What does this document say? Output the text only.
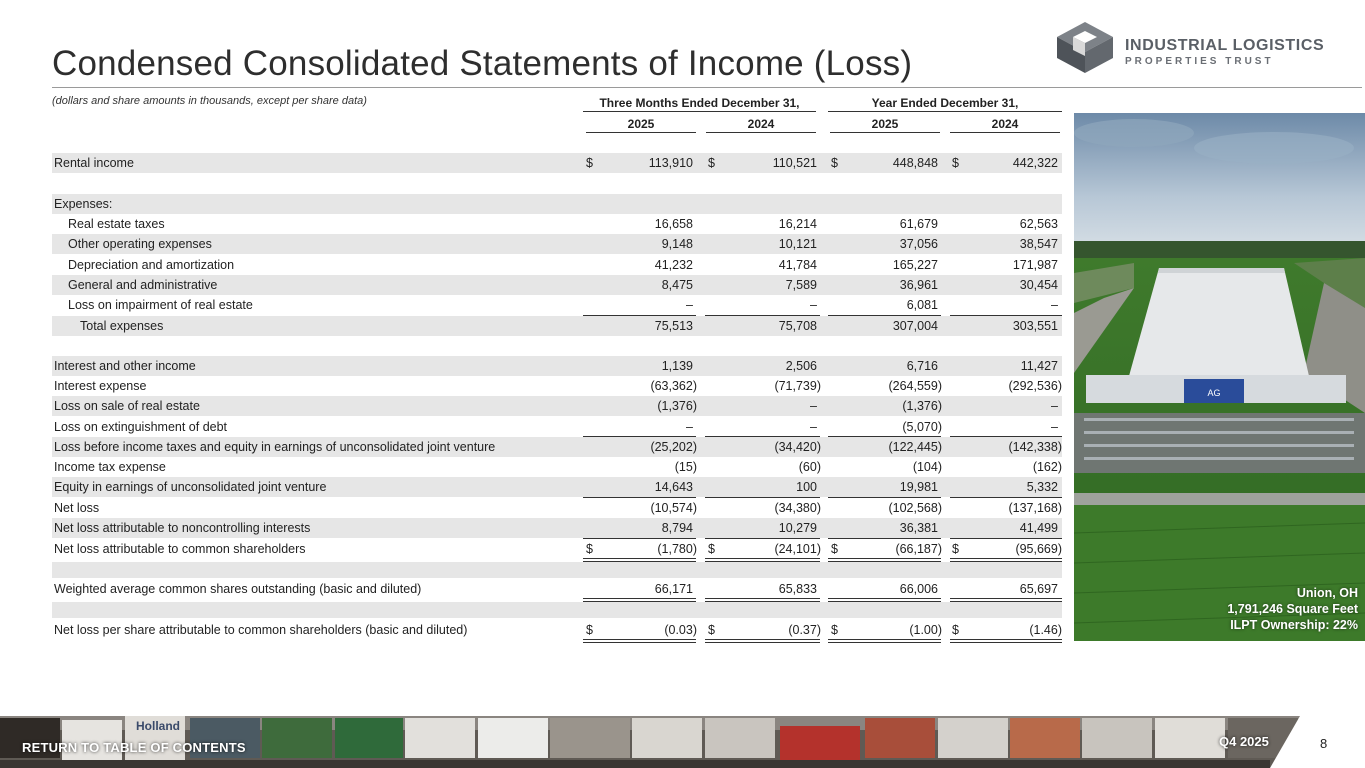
Condensed Consolidated Statements of Income (Loss)	INDUSTRIAL LOGISTICS
PROPERTIES TRUST
(dollars and share amounts in thousands, except per share data)	Three Months Ended December 31,	Year Ended December 31,
2025	2024	2025	2024
Rental income	$	113,910 $	110,521 $	448,848 $	442,322
Expenses:
Real estate taxes	16,658	16,214	61,679	62,563
Other operating expenses	9,148	10,121	37,056	38,547
Depreciation and amortization	41,232	41,784	165,227	171,987
General and administrative	8,475	7,589	36,961	30,454
Loss on impairment of real estate	–	–	6,081	–
Total expenses	75,513	75,708	307,004	303,551
Interest and other income	1,139	2,506	6,716	11,427
Interest expense	(63,362)	(71,739)	(264,559)	(292,536)
Loss on sale of real estate	(1,376)	–	(1,376)	–
Loss on extinguishment of debt	–	–	(5,070)	–
Loss before income taxes and equity in earnings of unconsolidated joint venture	(25,202)	(34,420)	(122,445)	(142,338)
Income tax expense	(15)	(60)	(104)	(162)
Equity in earnings of unconsolidated joint venture	14,643	100	19,981	5,332
Net loss	(10,574)	(34,380)	(102,568)	(137,168)
Net loss attributable to noncontrolling interests	8,794	10,279	36,381	41,499
Net loss attributable to common shareholders	$	(1,780) $	(24,101) $	(66,187) $	(95,669)
Weighted average common shares outstanding (basic and diluted)	66,171	65,833	66,006	65,697
Net loss per share attributable to common shareholders (basic and diluted)	$	(0.03) $	(0.37) $	(1.00) $	(1.46)
AG
Union, OH
1,791,246 Square Feet
ILPT Ownership: 22%
Holland
RETURN TO TABLE OF CONTENTS	Q4 2025	8
